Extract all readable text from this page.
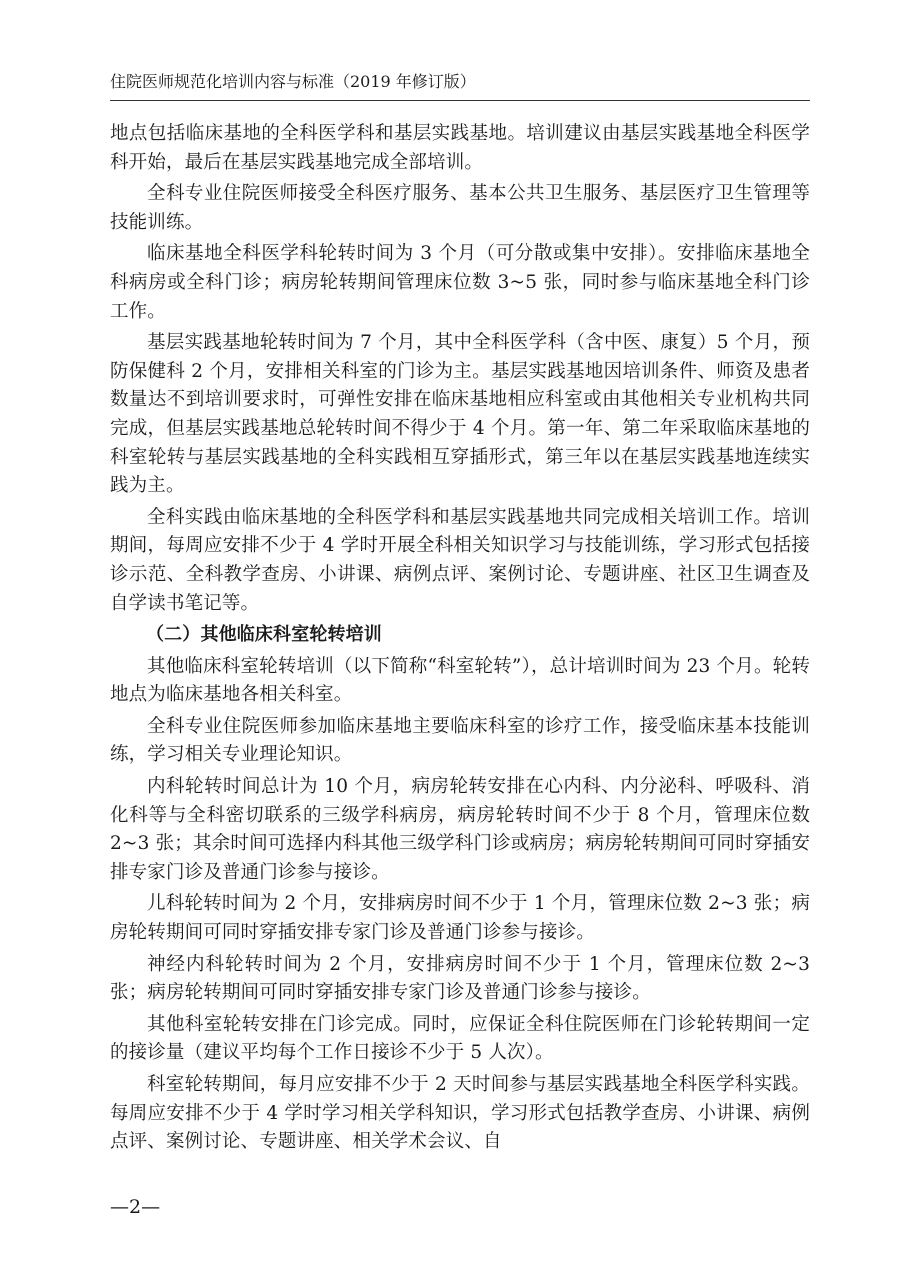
住院医师规范化培训内容与标准（2019 年修订版）

地点包括临床基地的全科医学科和基层实践基地。培训建议由基层实践基地全科医学科开始，最后在基层实践基地完成全部培训。

全科专业住院医师接受全科医疗服务、基本公共卫生服务、基层医疗卫生管理等技能训练。

临床基地全科医学科轮转时间为 3 个月（可分散或集中安排）。安排临床基地全科病房或全科门诊；病房轮转期间管理床位数 3~5 张，同时参与临床基地全科门诊工作。

基层实践基地轮转时间为 7 个月，其中全科医学科（含中医、康复）5 个月，预防保健科 2 个月，安排相关科室的门诊为主。基层实践基地因培训条件、师资及患者数量达不到培训要求时，可弹性安排在临床基地相应科室或由其他相关专业机构共同完成，但基层实践基地总轮转时间不得少于 4 个月。第一年、第二年采取临床基地的科室轮转与基层实践基地的全科实践相互穿插形式，第三年以在基层实践基地连续实践为主。

全科实践由临床基地的全科医学科和基层实践基地共同完成相关培训工作。培训期间，每周应安排不少于 4 学时开展全科相关知识学习与技能训练，学习形式包括接诊示范、全科教学查房、小讲课、病例点评、案例讨论、专题讲座、社区卫生调查及自学读书笔记等。

（二）其他临床科室轮转培训

其他临床科室轮转培训（以下简称“科室轮转”），总计培训时间为 23 个月。轮转地点为临床基地各相关科室。

全科专业住院医师参加临床基地主要临床科室的诊疗工作，接受临床基本技能训练，学习相关专业理论知识。

内科轮转时间总计为 10 个月，病房轮转安排在心内科、内分泌科、呼吸科、消化科等与全科密切联系的三级学科病房，病房轮转时间不少于 8 个月，管理床位数 2~3 张；其余时间可选择内科其他三级学科门诊或病房；病房轮转期间可同时穿插安排专家门诊及普通门诊参与接诊。

儿科轮转时间为 2 个月，安排病房时间不少于 1 个月，管理床位数 2~3 张；病房轮转期间可同时穿插安排专家门诊及普通门诊参与接诊。

神经内科轮转时间为 2 个月，安排病房时间不少于 1 个月，管理床位数 2~3 张；病房轮转期间可同时穿插安排专家门诊及普通门诊参与接诊。

其他科室轮转安排在门诊完成。同时，应保证全科住院医师在门诊轮转期间一定的接诊量（建议平均每个工作日接诊不少于 5 人次）。

科室轮转期间，每月应安排不少于 2 天时间参与基层实践基地全科医学科实践。每周应安排不少于 4 学时学习相关学科知识，学习形式包括教学查房、小讲课、病例点评、案例讨论、专题讲座、相关学术会议、自

—2—
